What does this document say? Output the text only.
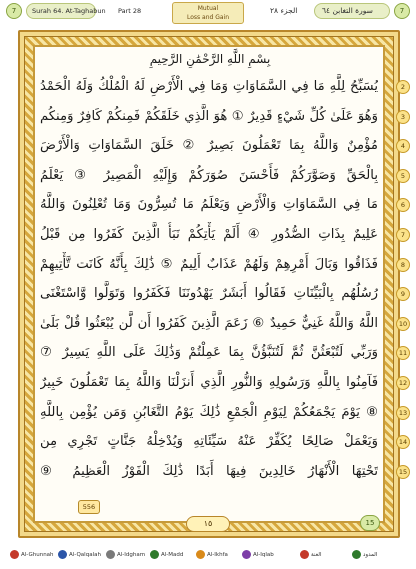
7	Surah 64. At-Taghabun Part 28	Mutual
Loss and Gain
الجزء ٢٨	سورة التغابن ٦٤	7
بِسْمِ اللَّهِ الرَّحْمَٰنِ الرَّحِيمِ
يُسَبِّحُ لِلَّهِ مَا فِي السَّمَاوَاتِ وَمَا فِي الْأَرْضِ لَهُ الْمُلْكُ وَلَهُ الْحَمْدُ	2
وَهُوَ عَلَىٰ كُلِّ شَيْءٍ قَدِيرٌ ① هُوَ الَّذِي خَلَقَكُمْ فَمِنكُمْ كَافِرٌ وَمِنكُم	3
مُؤْمِنٌ وَاللَّهُ بِمَا تَعْمَلُونَ بَصِيرٌ ② خَلَقَ السَّمَاوَاتِ وَالْأَرْضَ	4
بِالْحَقِّ وَصَوَّرَكُمْ فَأَحْسَنَ صُوَرَكُمْ وَإِلَيْهِ الْمَصِيرُ ③ يَعْلَمُ	5
مَا فِي السَّمَاوَاتِ وَالْأَرْضِ وَيَعْلَمُ مَا تُسِرُّونَ وَمَا تُعْلِنُونَ وَاللَّهُ	6
عَلِيمٌ بِذَاتِ الصُّدُورِ ④ أَلَمْ يَأْتِكُمْ نَبَأُ الَّذِينَ كَفَرُوا مِن قَبْلُ	7
فَذَاقُوا وَبَالَ أَمْرِهِمْ وَلَهُمْ عَذَابٌ أَلِيمٌ ⑤ ذَٰلِكَ بِأَنَّهُ كَانَت تَّأْتِيهِمْ	8
رُسُلُهُم بِالْبَيِّنَاتِ فَقَالُوا أَبَشَرٌ يَهْدُونَنَا فَكَفَرُوا وَتَوَلَّوا وَّاسْتَغْنَى	9
اللَّهُ وَاللَّهُ غَنِيٌّ حَمِيدٌ ⑥ زَعَمَ الَّذِينَ كَفَرُوا أَن لَّن يُبْعَثُوا قُلْ بَلَىٰ	10
وَرَبِّي لَتُبْعَثُنَّ ثُمَّ لَتُنَبَّؤُنَّ بِمَا عَمِلْتُمْ وَذَٰلِكَ عَلَى اللَّهِ يَسِيرٌ ⑦	11
فَآمِنُوا بِاللَّهِ وَرَسُولِهِ وَالنُّورِ الَّذِي أَنزَلْنَا وَاللَّهُ بِمَا تَعْمَلُونَ خَبِيرٌ	12
⑧ يَوْمَ يَجْمَعُكُمْ لِيَوْمِ الْجَمْعِ ذَٰلِكَ يَوْمُ التَّغَابُنِ وَمَن يُؤْمِن بِاللَّهِ	13
وَيَعْمَلْ صَالِحًا يُكَفِّرْ عَنْهُ سَيِّئَاتِهِ وَيُدْخِلْهُ جَنَّاتٍ تَجْرِي مِن	14
تَحْتِهَا الْأَنْهَارُ خَالِدِينَ فِيهَا أَبَدًا ذَٰلِكَ الْفَوْزُ الْعَظِيمُ ⑨	15
556
١٥	15
Al-Ghunnah	Al-Qalqalah	Al-Idgham	Al-Madd	Al-Ikhfa	Al-Iqlab	الغنة	المدود
